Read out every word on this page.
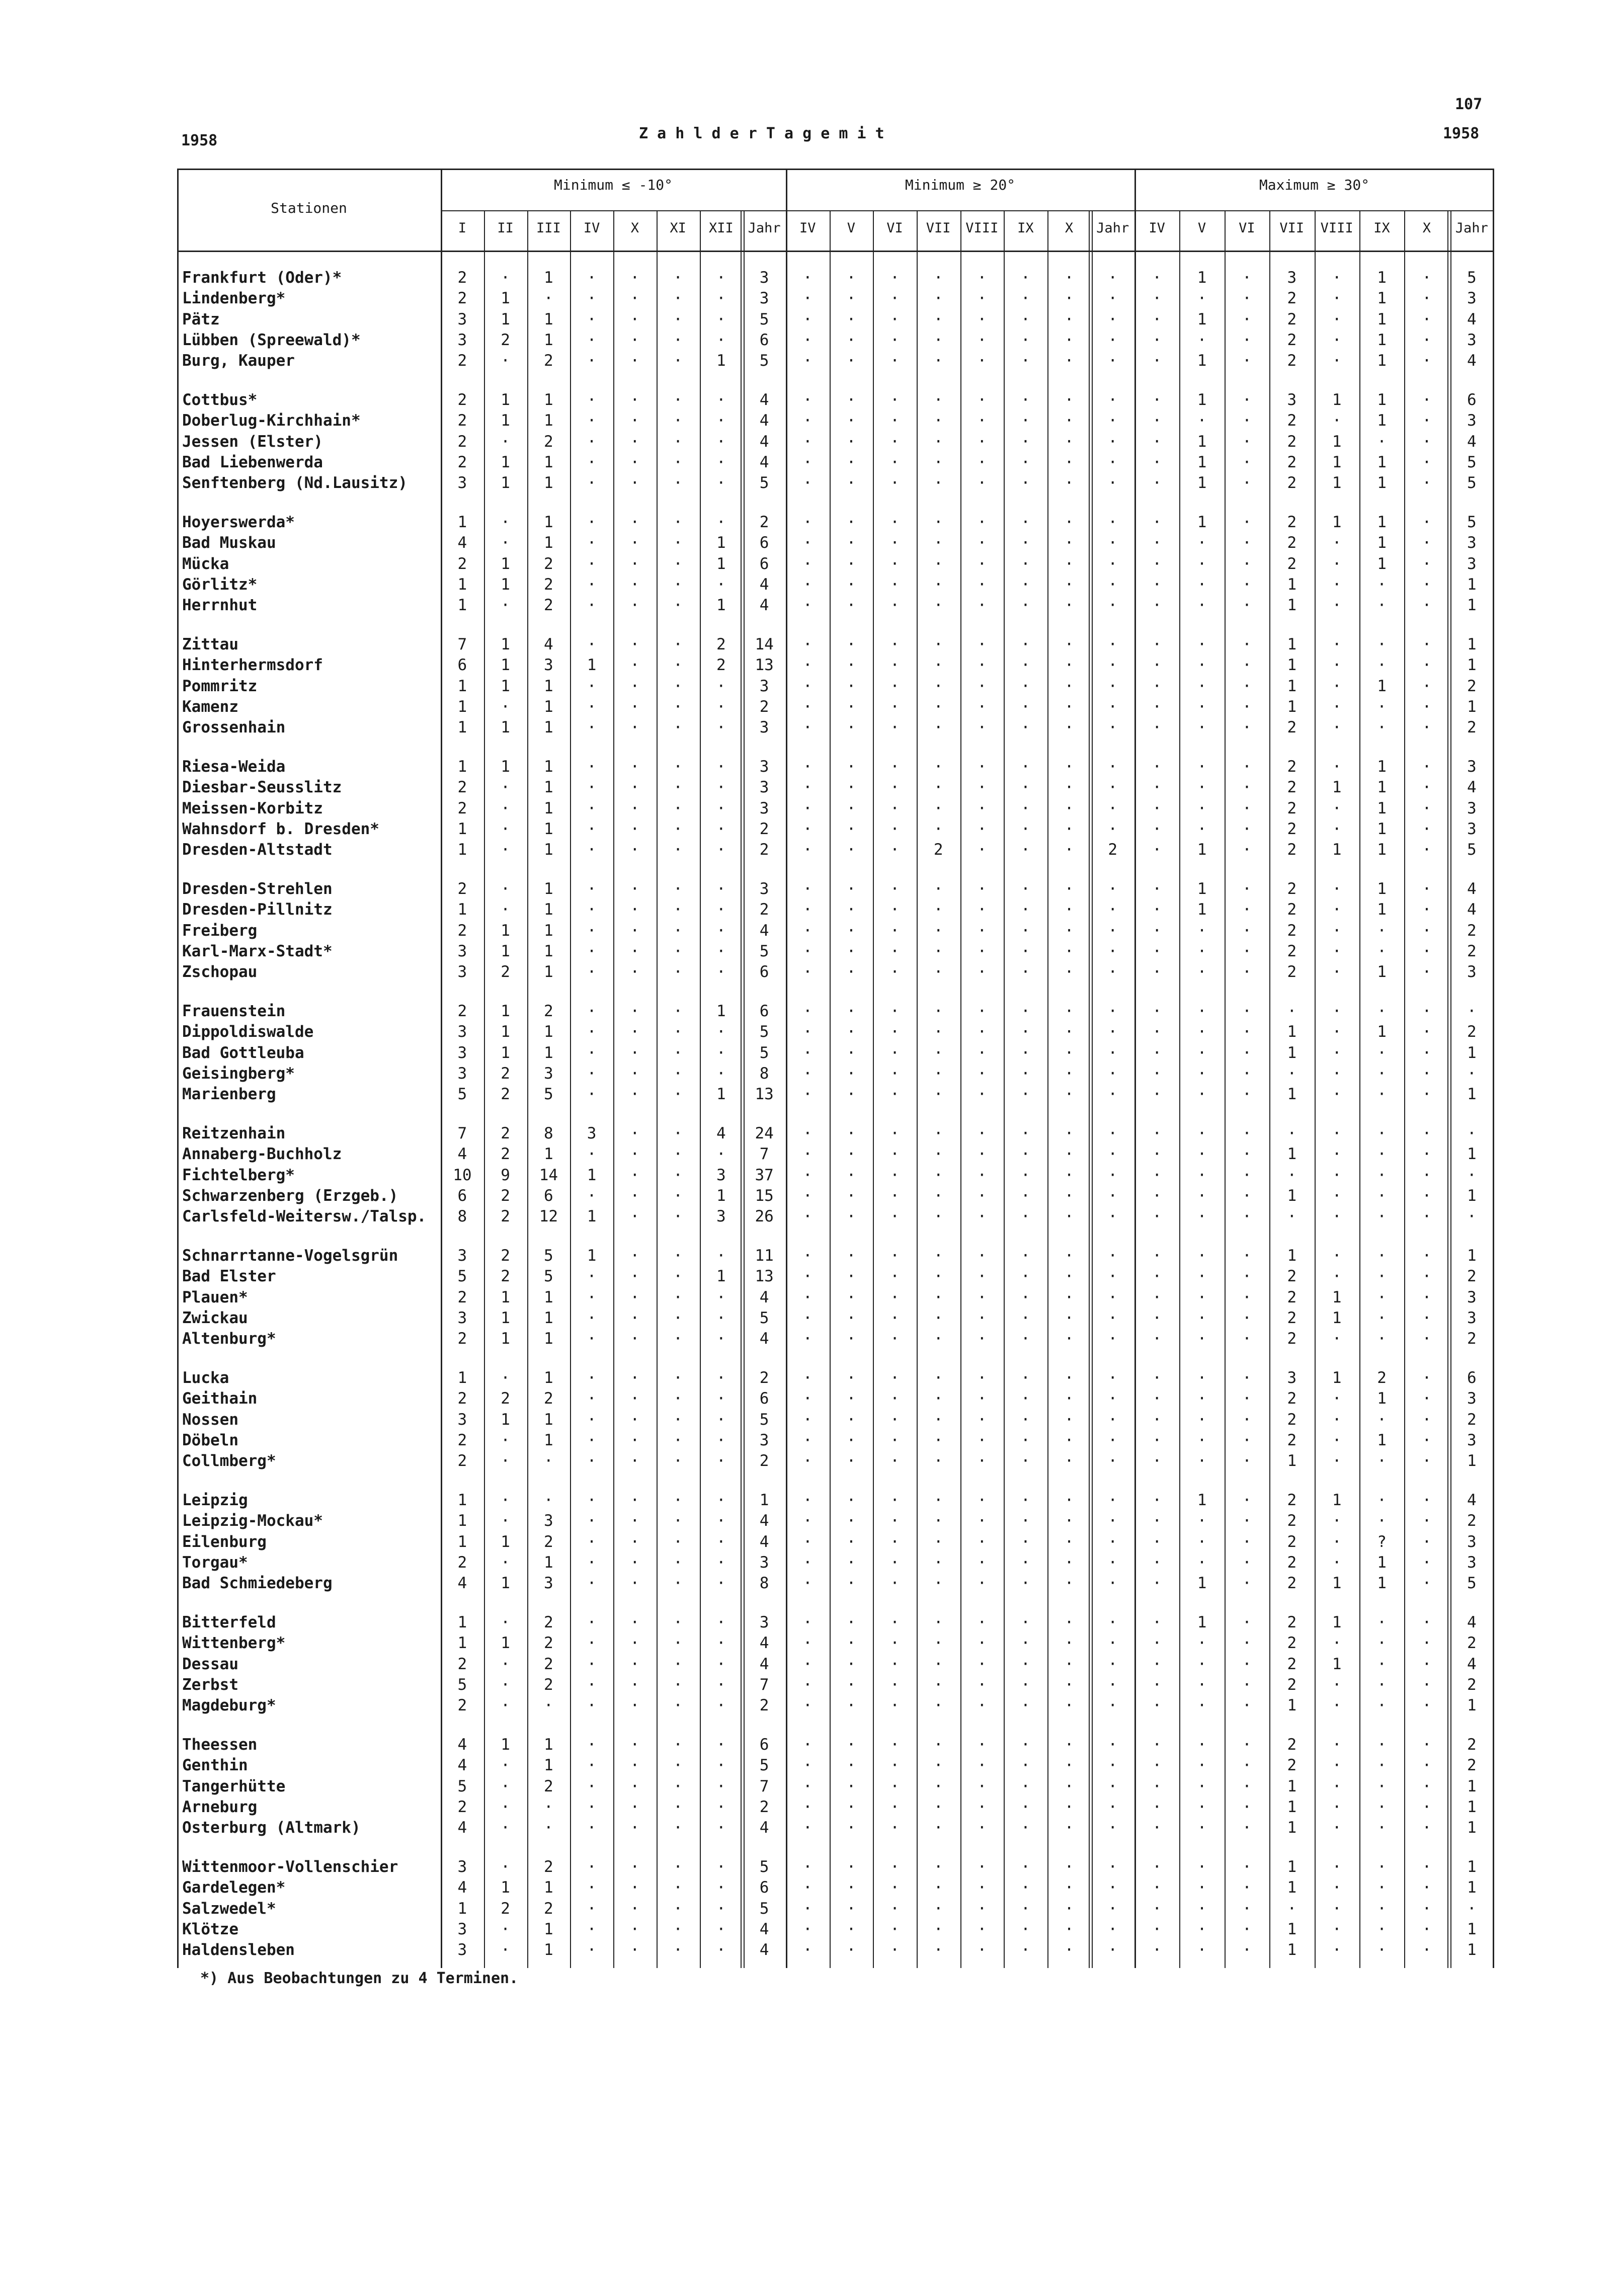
1958	Z a h l d e r T a g e m i t
107
1958
Stationen
Minimum ≤ -10°
I II III IV X XI XII Jahr
Minimum ≥ 20°
IV V VI VII VIII IX X Jahr
Maximum ≥ 30°
IV V VI VII VIII IX X Jahr
Frankfurt (Oder)*	2 · 1 · · · · 3 · · · · · · · · · 1 · 3 · 1 · 5
Lindenberg*	2 1 · · · · · 3 · · · · · · · · · · · 2 · 1 · 3
Pätz	3 1 1 · · · · 5 · · · · · · · · · 1 · 2 · 1 · 4
Lübben (Spreewald)*	3 2 1 · · · · 6 · · · · · · · · · · · 2 · 1 · 3
Burg, Kauper	2 · 2 · · · 1 5 · · · · · · · · · 1 · 2 · 1 · 4
Cottbus*	2 1 1 · · · · 4 · · · · · · · · · 1 · 3 1 1 · 6
Doberlug-Kirchhain*	2 1 1 · · · · 4 · · · · · · · · · · · 2 · 1 · 3
Jessen (Elster)	2 · 2 · · · · 4 · · · · · · · · · 1 · 2 1 · · 4
Bad Liebenwerda	2 1 1 · · · · 4 · · · · · · · · · 1 · 2 1 1 · 5
Senftenberg (Nd.Lausitz)	3 1 1 · · · · 5 · · · · · · · · · 1 · 2 1 1 · 5
Hoyerswerda*	1 · 1 · · · · 2 · · · · · · · · · 1 · 2 1 1 · 5
Bad Muskau	4 · 1 · · · 1 6 · · · · · · · · · · · 2 · 1 · 3
Mücka	2 1 2 · · · 1 6 · · · · · · · · · · · 2 · 1 · 3
Görlitz*	1 1 2 · · · · 4 · · · · · · · · · · · 1 · · · 1
Herrnhut	1 · 2 · · · 1 4 · · · · · · · · · · · 1 · · · 1
Zittau	7 1 4 · · · 2 14 · · · · · · · · · · · 1 · · · 1
Hinterhermsdorf	6 1 3 1 · · 2 13 · · · · · · · · · · · 1 · · · 1
Pommritz	1 1 1 · · · · 3 · · · · · · · · · · · 1 · 1 · 2
Kamenz	1 · 1 · · · · 2 · · · · · · · · · · · 1 · · · 1
Grossenhain	1 1 1 · · · · 3 · · · · · · · · · · · 2 · · · 2
Riesa-Weida	1 1 1 · · · · 3 · · · · · · · · · · · 2 · 1 · 3
Diesbar-Seusslitz	2 · 1 · · · · 3 · · · · · · · · · · · 2 1 1 · 4
Meissen-Korbitz	2 · 1 · · · · 3 · · · · · · · · · · · 2 · 1 · 3
Wahnsdorf b. Dresden*	1 · 1 · · · · 2 · · · · · · · · · · · 2 · 1 · 3
Dresden-Altstadt	1 · 1 · · · · 2 · · · 2 · · · 2 · 1 · 2 1 1 · 5
Dresden-Strehlen	2 · 1 · · · · 3 · · · · · · · · · 1 · 2 · 1 · 4
Dresden-Pillnitz	1 · 1 · · · · 2 · · · · · · · · · 1 · 2 · 1 · 4
Freiberg	2 1 1 · · · · 4 · · · · · · · · · · · 2 · · · 2
Karl-Marx-Stadt*	3 1 1 · · · · 5 · · · · · · · · · · · 2 · · · 2
Zschopau	3 2 1 · · · · 6 · · · · · · · · · · · 2 · 1 · 3
Frauenstein	2 1 2 · · · 1 6 · · · · · · · · · · · · · · · ·
Dippoldiswalde	3 1 1 · · · · 5 · · · · · · · · · · · 1 · 1 · 2
Bad Gottleuba	3 1 1 · · · · 5 · · · · · · · · · · · 1 · · · 1
Geisingberg*	3 2 3 · · · · 8 · · · · · · · · · · · · · · · ·
Marienberg	5 2 5 · · · 1 13 · · · · · · · · · · · 1 · · · 1
Reitzenhain	7 2 8 3 · · 4 24 · · · · · · · · · · · · · · · ·
Annaberg-Buchholz	4 2 1 · · · · 7 · · · · · · · · · · · 1 · · · 1
Fichtelberg*	10 9 14 1 · · 3 37 · · · · · · · · · · · · · · · ·
Schwarzenberg (Erzgeb.)	6 2 6 · · · 1 15 · · · · · · · · · · · 1 · · · 1
Carlsfeld-Weitersw./Talsp. 8 2 12 1 · · 3 26 · · · · · · · · · · · · · · · ·
Schnarrtanne-Vogelsgrün	3 2 5 1 · · · 11 · · · · · · · · · · · 1 · · · 1
Bad Elster	5 2 5 · · · 1 13 · · · · · · · · · · · 2 · · · 2
Plauen*	2 1 1 · · · · 4 · · · · · · · · · · · 2 1 · · 3
Zwickau	3 1 1 · · · · 5 · · · · · · · · · · · 2 1 · · 3
Altenburg*	2 1 1 · · · · 4 · · · · · · · · · · · 2 · · · 2
Lucka	1 · 1 · · · · 2 · · · · · · · · · · · 3 1 2 · 6
Geithain	2 2 2 · · · · 6 · · · · · · · · · · · 2 · 1 · 3
Nossen	3 1 1 · · · · 5 · · · · · · · · · · · 2 · · · 2
Döbeln	2 · 1 · · · · 3 · · · · · · · · · · · 2 · 1 · 3
Collmberg*	2 · · · · · · 2 · · · · · · · · · · · 1 · · · 1
Leipzig	1 · · · · · · 1 · · · · · · · · · 1 · 2 1 · · 4
Leipzig-Mockau*	1 · 3 · · · · 4 · · · · · · · · · · · 2 · · · 2
Eilenburg	1 1 2 · · · · 4 · · · · · · · · · · · 2 · ? · 3
Torgau*	2 · 1 · · · · 3 · · · · · · · · · · · 2 · 1 · 3
Bad Schmiedeberg	4 1 3 · · · · 8 · · · · · · · · · 1 · 2 1 1 · 5
Bitterfeld	1 · 2 · · · · 3 · · · · · · · · · 1 · 2 1 · · 4
Wittenberg*	1 1 2 · · · · 4 · · · · · · · · · · · 2 · · · 2
Dessau	2 · 2 · · · · 4 · · · · · · · · · · · 2 1 · · 4
Zerbst	5 · 2 · · · · 7 · · · · · · · · · · · 2 · · · 2
Magdeburg*	2 · · · · · · 2 · · · · · · · · · · · 1 · · · 1
Theessen	4 1 1 · · · · 6 · · · · · · · · · · · 2 · · · 2
Genthin	4 · 1 · · · · 5 · · · · · · · · · · · 2 · · · 2
Tangerhütte	5 · 2 · · · · 7 · · · · · · · · · · · 1 · · · 1
Arneburg	2 · · · · · · 2 · · · · · · · · · · · 1 · · · 1
Osterburg (Altmark)	4 · · · · · · 4 · · · · · · · · · · · 1 · · · 1
Wittenmoor-Vollenschier	3 · 2 · · · · 5 · · · · · · · · · · · 1 · · · 1
Gardelegen*	4 1 1 · · · · 6 · · · · · · · · · · · 1 · · · 1
Salzwedel*	1 2 2 · · · · 5 · · · · · · · · · · · · · · · ·
Klötze	3 · 1 · · · · 4 · · · · · · · · · · · 1 · · · 1
Haldensleben	3 · 1 · · · · 4 · · · · · · · · · · · 1 · · · 1
*) Aus Beobachtungen zu 4 Terminen.
